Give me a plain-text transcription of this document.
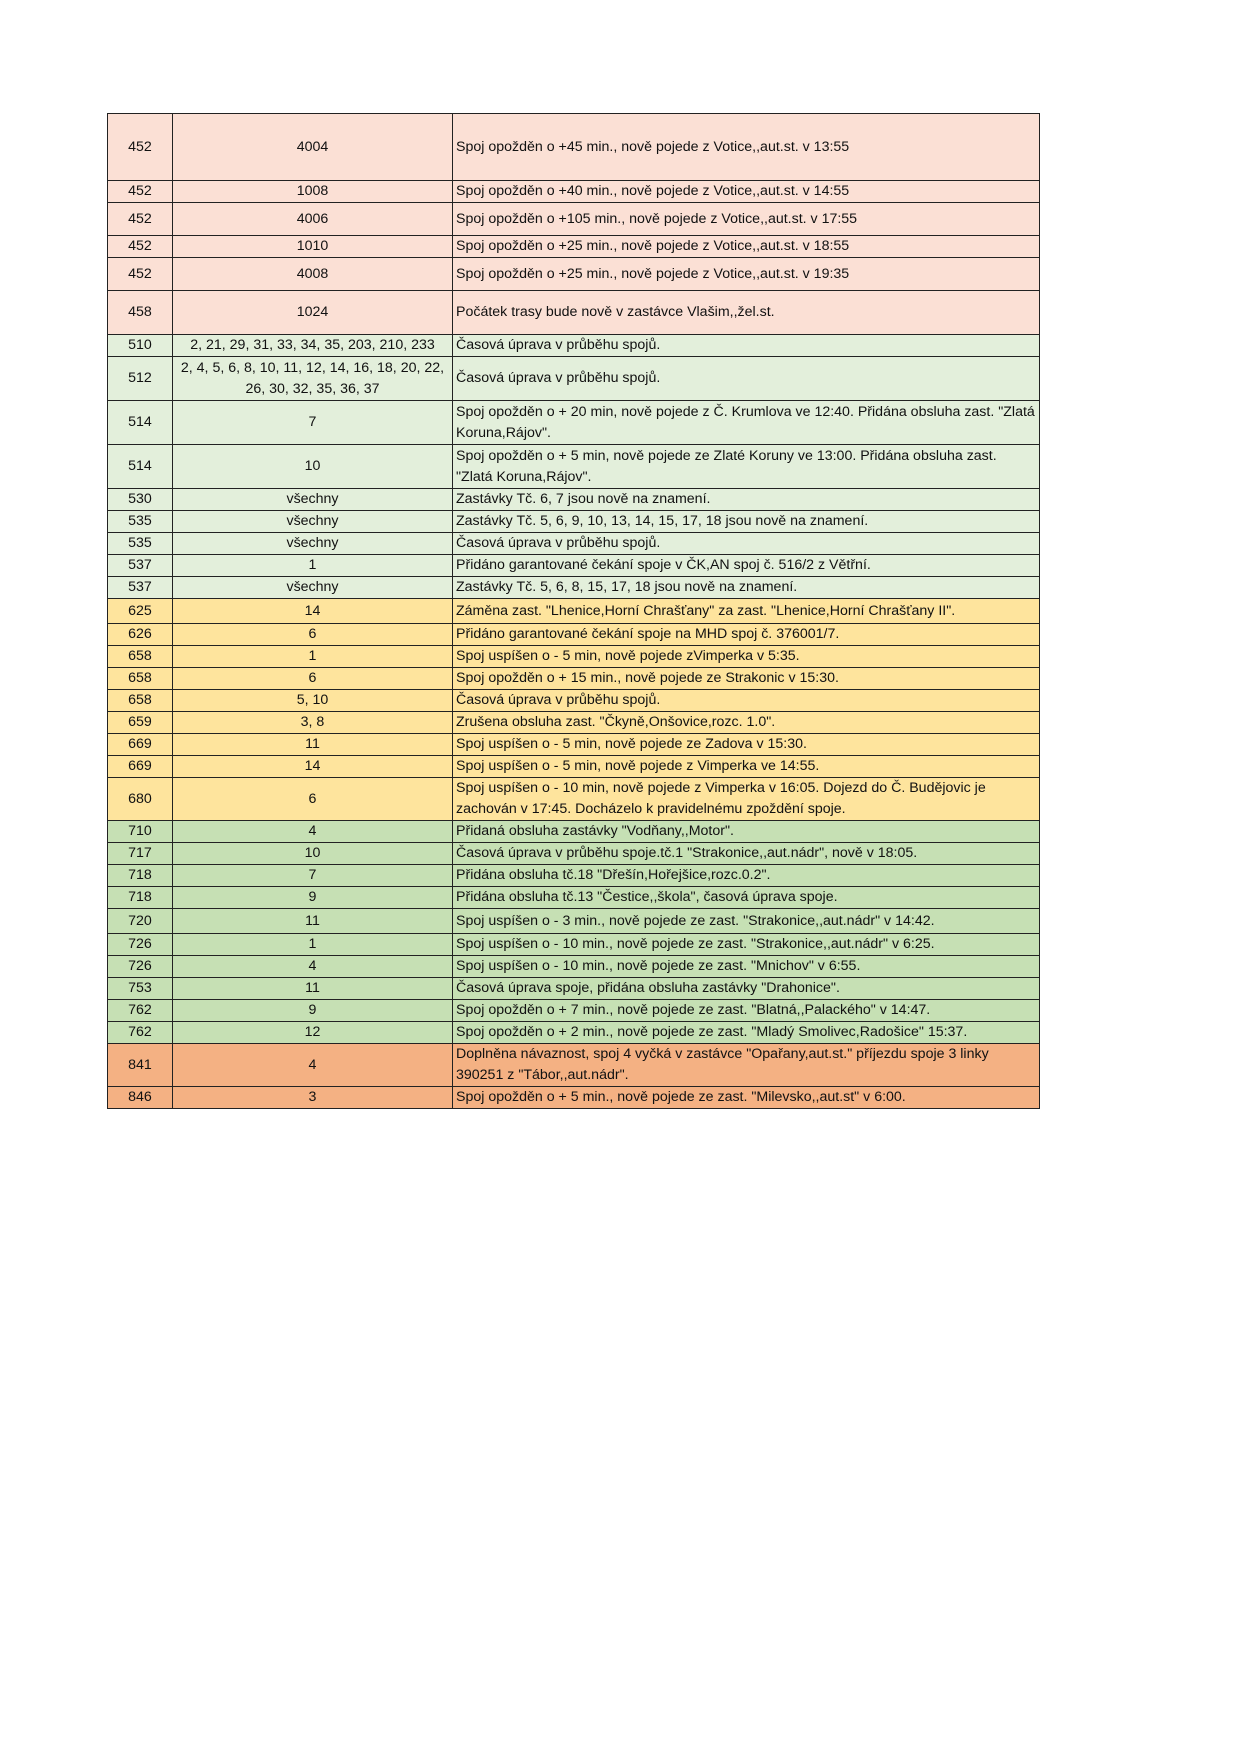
452	4004	Spoj opožděn o +45 min., nově pojede z Votice,,aut.st. v 13:55
452	1008	Spoj opožděn o +40 min., nově pojede z Votice,,aut.st. v 14:55
452	4006	Spoj opožděn o +105 min., nově pojede z Votice,,aut.st. v 17:55
452	1010	Spoj opožděn o +25 min., nově pojede z Votice,,aut.st. v 18:55
452	4008	Spoj opožděn o +25 min., nově pojede z Votice,,aut.st. v 19:35
458	1024	Počátek trasy bude nově v zastávce Vlašim,,žel.st.
510	2, 21, 29, 31, 33, 34, 35, 203, 210, 233	Časová úprava v průběhu spojů.
512	2, 4, 5, 6, 8, 10, 11, 12, 14, 16, 18, 20, 22, 26, 30, 32, 35, 36, 37	Časová úprava v průběhu spojů.
514	7	Spoj opožděn o + 20 min, nově pojede z Č. Krumlova ve 12:40. Přidána obsluha zast. "Zlatá Koruna,Rájov".
514	10	Spoj opožděn o + 5 min, nově pojede ze Zlaté Koruny ve 13:00. Přidána obsluha zast. "Zlatá Koruna,Rájov".
530	všechny	Zastávky Tč. 6, 7 jsou nově na znamení.
535	všechny	Zastávky Tč. 5, 6, 9, 10, 13, 14, 15, 17, 18 jsou nově na znamení.
535	všechny	Časová úprava v průběhu spojů.
537	1	Přidáno garantované čekání spoje v ČK,AN spoj č. 516/2 z Větřní.
537	všechny	Zastávky Tč. 5, 6, 8, 15, 17, 18 jsou nově na znamení.
625	14	Záměna zast. "Lhenice,Horní Chrašťany" za zast. "Lhenice,Horní Chrašťany II".
626	6	Přidáno garantované čekání spoje na MHD spoj č. 376001/7.
658	1	Spoj uspíšen o - 5 min, nově pojede zVimperka v 5:35.
658	6	Spoj opožděn o + 15 min., nově pojede ze Strakonic v 15:30.
658	5, 10	Časová úprava v průběhu spojů.
659	3, 8	Zrušena obsluha zast. "Čkyně,Onšovice,rozc. 1.0".
669	11	Spoj uspíšen o - 5 min, nově pojede ze Zadova v 15:30.
669	14	Spoj uspíšen o - 5 min, nově pojede z Vimperka ve 14:55.
680	6	Spoj uspíšen o - 10 min, nově pojede z Vimperka v 16:05. Dojezd do Č. Budějovic je zachován v 17:45. Docházelo k pravidelnému zpoždění spoje.
710	4	Přidaná obsluha zastávky "Vodňany,,Motor".
717	10	Časová úprava v průběhu spoje.tč.1 "Strakonice,,aut.nádr", nově v 18:05.
718	7	Přidána obsluha tč.18 "Dřešín,Hořejšice,rozc.0.2".
718	9	Přidána obsluha tč.13 "Čestice,,škola", časová úprava spoje.
720	11	Spoj uspíšen o - 3 min., nově pojede ze zast. "Strakonice,,aut.nádr" v 14:42.
726	1	Spoj uspíšen o - 10 min., nově pojede ze zast. "Strakonice,,aut.nádr" v 6:25.
726	4	Spoj uspíšen o - 10 min., nově pojede ze zast. "Mnichov" v 6:55.
753	11	Časová úprava spoje, přidána obsluha zastávky "Drahonice".
762	9	Spoj opožděn o + 7 min., nově pojede ze zast. "Blatná,,Palackého" v 14:47.
762	12	Spoj opožděn o + 2 min., nově pojede ze zast. "Mladý Smolivec,Radošice" 15:37.
841	4	Doplněna návaznost, spoj 4 vyčká v zastávce "Opařany,aut.st." příjezdu spoje 3 linky 390251 z "Tábor,,aut.nádr".
846	3	Spoj opožděn o + 5 min., nově pojede ze zast. "Milevsko,,aut.st" v 6:00.
